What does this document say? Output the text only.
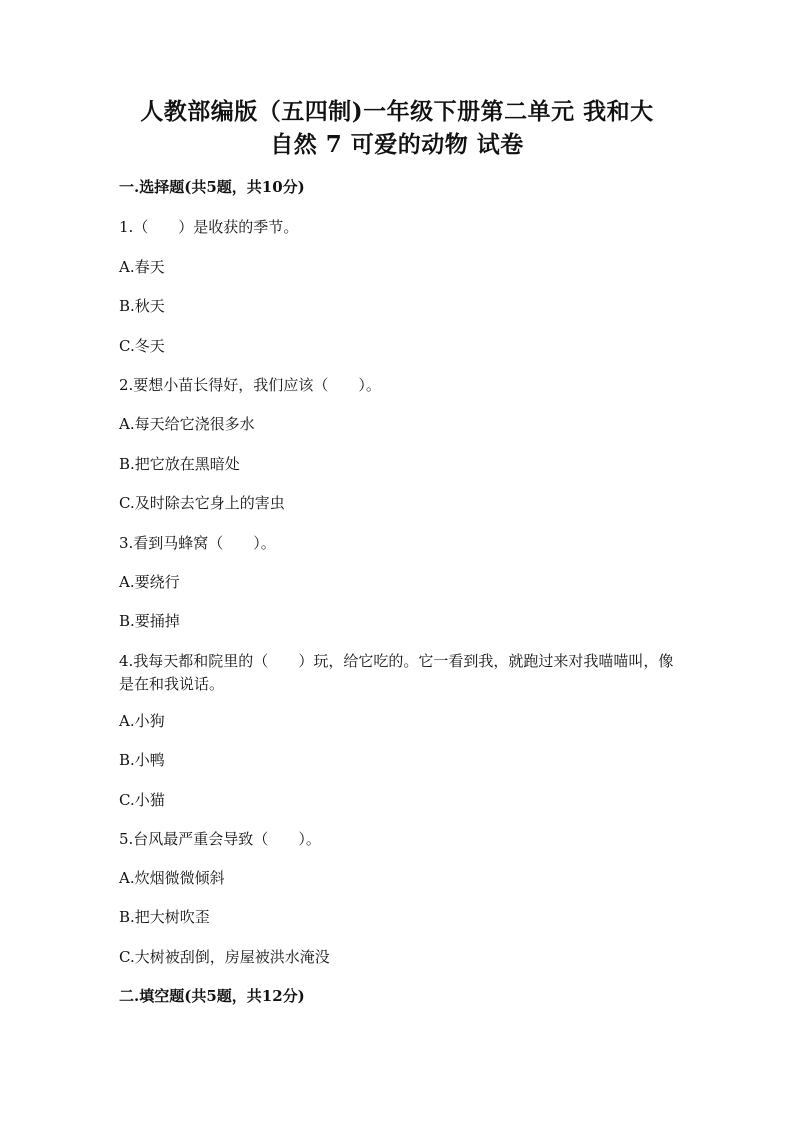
人教部编版（五四制)一年级下册第二单元 我和大
自然 7 可爱的动物 试卷
一.选择题(共5题，共10分)
1.（　　）是收获的季节。
A.春天
B.秋天
C.冬天
2.要想小苗长得好，我们应该（　　）。
A.每天给它浇很多水
B.把它放在黑暗处
C.及时除去它身上的害虫
3.看到马蜂窝（　　）。
A.要绕行
B.要捅掉
4.我每天都和院里的（　　）玩，给它吃的。它一看到我，就跑过来对我喵喵叫，像是在和我说话。
A.小狗
B.小鸭
C.小猫
5.台风最严重会导致（　　）。
A.炊烟微微倾斜
B.把大树吹歪
C.大树被刮倒，房屋被洪水淹没
二.填空题(共5题，共12分)
